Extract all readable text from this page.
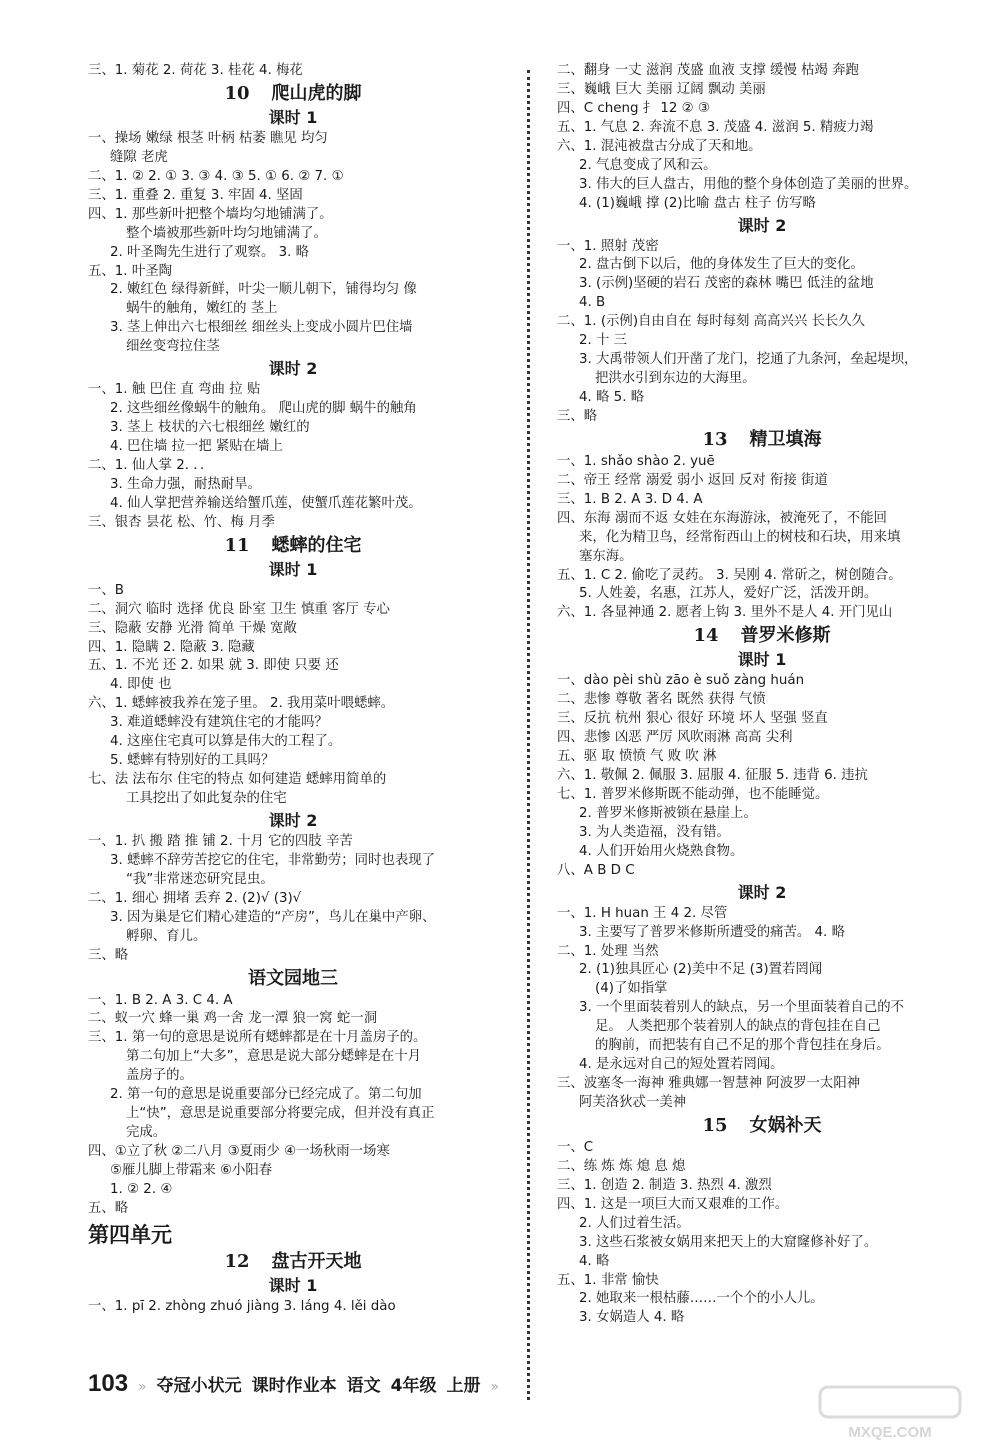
三、1. 菊花 2. 荷花 3. 桂花 4. 梅花
10 爬山虎的脚
课时 1
一、操场 嫩绿 根茎 叶柄 枯萎 瞧见 均匀
缝隙 老虎
二、1. ② 2. ① 3. ③ 4. ③ 5. ① 6. ② 7. ①
三、1. 重叠 2. 重复 3. 牢固 4. 坚固
四、1. 那些新叶把整个墙均匀地铺满了。
整个墙被那些新叶均匀地铺满了。
2. 叶圣陶先生进行了观察。 3. 略
五、1. 叶圣陶
2. 嫩红色 绿得新鲜，叶尖一顺儿朝下，铺得均匀 像
蜗牛的触角，嫩红的 茎上
3. 茎上伸出六七根细丝 细丝头上变成小圆片巴住墙
细丝变弯拉住茎
课时 2
一、1. 触 巴住 直 弯曲 拉 贴
2. 这些细丝像蜗牛的触角。 爬山虎的脚 蜗牛的触角
3. 茎上 枝状的六七根细丝 嫩红的
4. 巴住墙 拉一把 紧贴在墙上
二、1. 仙人掌 2. ．．
3. 生命力强，耐热耐旱。
4. 仙人掌把营养输送给蟹爪莲，使蟹爪莲花繁叶茂。
三、银杏 昙花 松、竹、梅 月季
11 蟋蟀的住宅
课时 1
一、B
二、洞穴 临时 选择 优良 卧室 卫生 慎重 客厅 专心
三、隐蔽 安静 光滑 简单 干燥 宽敞
四、1. 隐瞒 2. 隐蔽 3. 隐藏
五、1. 不光 还 2. 如果 就 3. 即使 只要 还
4. 即使 也
六、1. 蟋蟀被我养在笼子里。 2. 我用菜叶喂蟋蟀。
3. 难道蟋蟀没有建筑住宅的才能吗？
4. 这座住宅真可以算是伟大的工程了。
5. 蟋蟀有特别好的工具吗？
七、法 法布尔 住宅的特点 如何建造 蟋蟀用简单的
工具挖出了如此复杂的住宅
课时 2
一、1. 扒 搬 踏 推 铺 2. 十月 它的四肢 辛苦
3. 蟋蟀不辞劳苦挖它的住宅，非常勤劳；同时也表现了
“我”非常迷恋研究昆虫。
二、1. 细心 拥堵 丢弃 2. (2)√ (3)√
3. 因为巢是它们精心建造的“产房”，鸟儿在巢中产卵、
孵卵、育儿。
三、略
语文园地三
一、1. B 2. A 3. C 4. A
二、蚁一穴 蜂一巢 鸡一舍 龙一潭 狼一窝 蛇一洞
三、1. 第一句的意思是说所有蟋蟀都是在十月盖房子的。
第二句加上“大多”，意思是说大部分蟋蟀是在十月
盖房子的。
2. 第一句的意思是说重要部分已经完成了。第二句加
上“快”，意思是说重要部分将要完成，但并没有真正
完成。
四、①立了秋 ②二八月 ③夏雨少 ④一场秋雨一场寒
⑤雁儿脚上带霜来 ⑥小阳春
1. ② 2. ④
五、略
第四单元
12 盘古开天地
课时 1
一、1. pī 2. zhòng zhuó jiàng 3. láng 4. lěi dào
二、翻身 一丈 滋润 茂盛 血液 支撑 缓慢 枯竭 奔跑
三、巍峨 巨大 美丽 辽阔 飘动 美丽
四、C cheng 扌 12 ② ③
五、1. 气息 2. 奔流不息 3. 茂盛 4. 滋润 5. 精疲力竭
六、1. 混沌被盘古分成了天和地。
2. 气息变成了风和云。
3. 伟大的巨人盘古，用他的整个身体创造了美丽的世界。
4. (1)巍峨 撑 (2)比喻 盘古 柱子 仿写略
课时 2
一、1. 照射 茂密
2. 盘古倒下以后，他的身体发生了巨大的变化。
3. (示例)坚硬的岩石 茂密的森林 嘴巴 低洼的盆地
4. B
二、1. (示例)自由自在 每时每刻 高高兴兴 长长久久
2. 十 三
3. 大禹带领人们开凿了龙门，挖通了九条河，垒起堤坝，
把洪水引到东边的大海里。
4. 略 5. 略
三、略
13 精卫填海
一、1. shǎo shào 2. yuē
二、帝王 经常 溺爱 弱小 返回 反对 衔接 街道
三、1. B 2. A 3. D 4. A
四、东海 溺而不返 女娃在东海游泳，被淹死了，不能回
来，化为精卫鸟，经常衔西山上的树枝和石块，用来填
塞东海。
五、1. C 2. 偷吃了灵药。 3. 吴刚 4. 常斫之，树创随合。
5. 人姓姜，名惠，江苏人，爱好广泛，活泼开朗。
六、1. 各显神通 2. 愿者上钩 3. 里外不是人 4. 开门见山
14 普罗米修斯
课时 1
一、dào pèi shù zāo è suǒ zàng huán
二、悲惨 尊敬 著名 既然 获得 气愤
三、反抗 杭州 狠心 很好 环境 坏人 坚强 竖直
四、悲惨 凶恶 严厉 风吹雨淋 高高 尖利
五、驱 取 愤愤 气 败 吹 淋
六、1. 敬佩 2. 佩服 3. 屈服 4. 征服 5. 违背 6. 违抗
七、1. 普罗米修斯既不能动弹，也不能睡觉。
2. 普罗米修斯被锁在悬崖上。
3. 为人类造福，没有错。
4. 人们开始用火烧熟食物。
八、A B D C
课时 2
一、1. H huan 王 4 2. 尽管
3. 主要写了普罗米修斯所遭受的痛苦。 4. 略
二、1. 处理 当然
2. (1)独具匠心 (2)美中不足 (3)置若罔闻
(4)了如指掌
3. 一个里面装着别人的缺点，另一个里面装着自己的不
足。 人类把那个装着别人的缺点的背包挂在自己
的胸前，而把装有自己不足的那个背包挂在身后。
4. 是永远对自己的短处置若罔闻。
三、波塞冬一海神 雅典娜一智慧神 阿波罗一太阳神
阿芙洛狄忒一美神
15 女娲补天
一、C
二、练 炼 炼 熄 息 熄
三、1. 创造 2. 制造 3. 热烈 4. 激烈
四、1. 这是一项巨大而又艰难的工作。
2. 人们过着生活。
3. 这些石浆被女娲用来把天上的大窟窿修补好了。
4. 略
五、1. 非常 愉快
2. 她取来一根枯藤……一个个的小人儿。
3. 女娲造人 4. 略
103 » 夺冠小状元 课时作业本 语文 4年级 上册 »
MXQE.COM
